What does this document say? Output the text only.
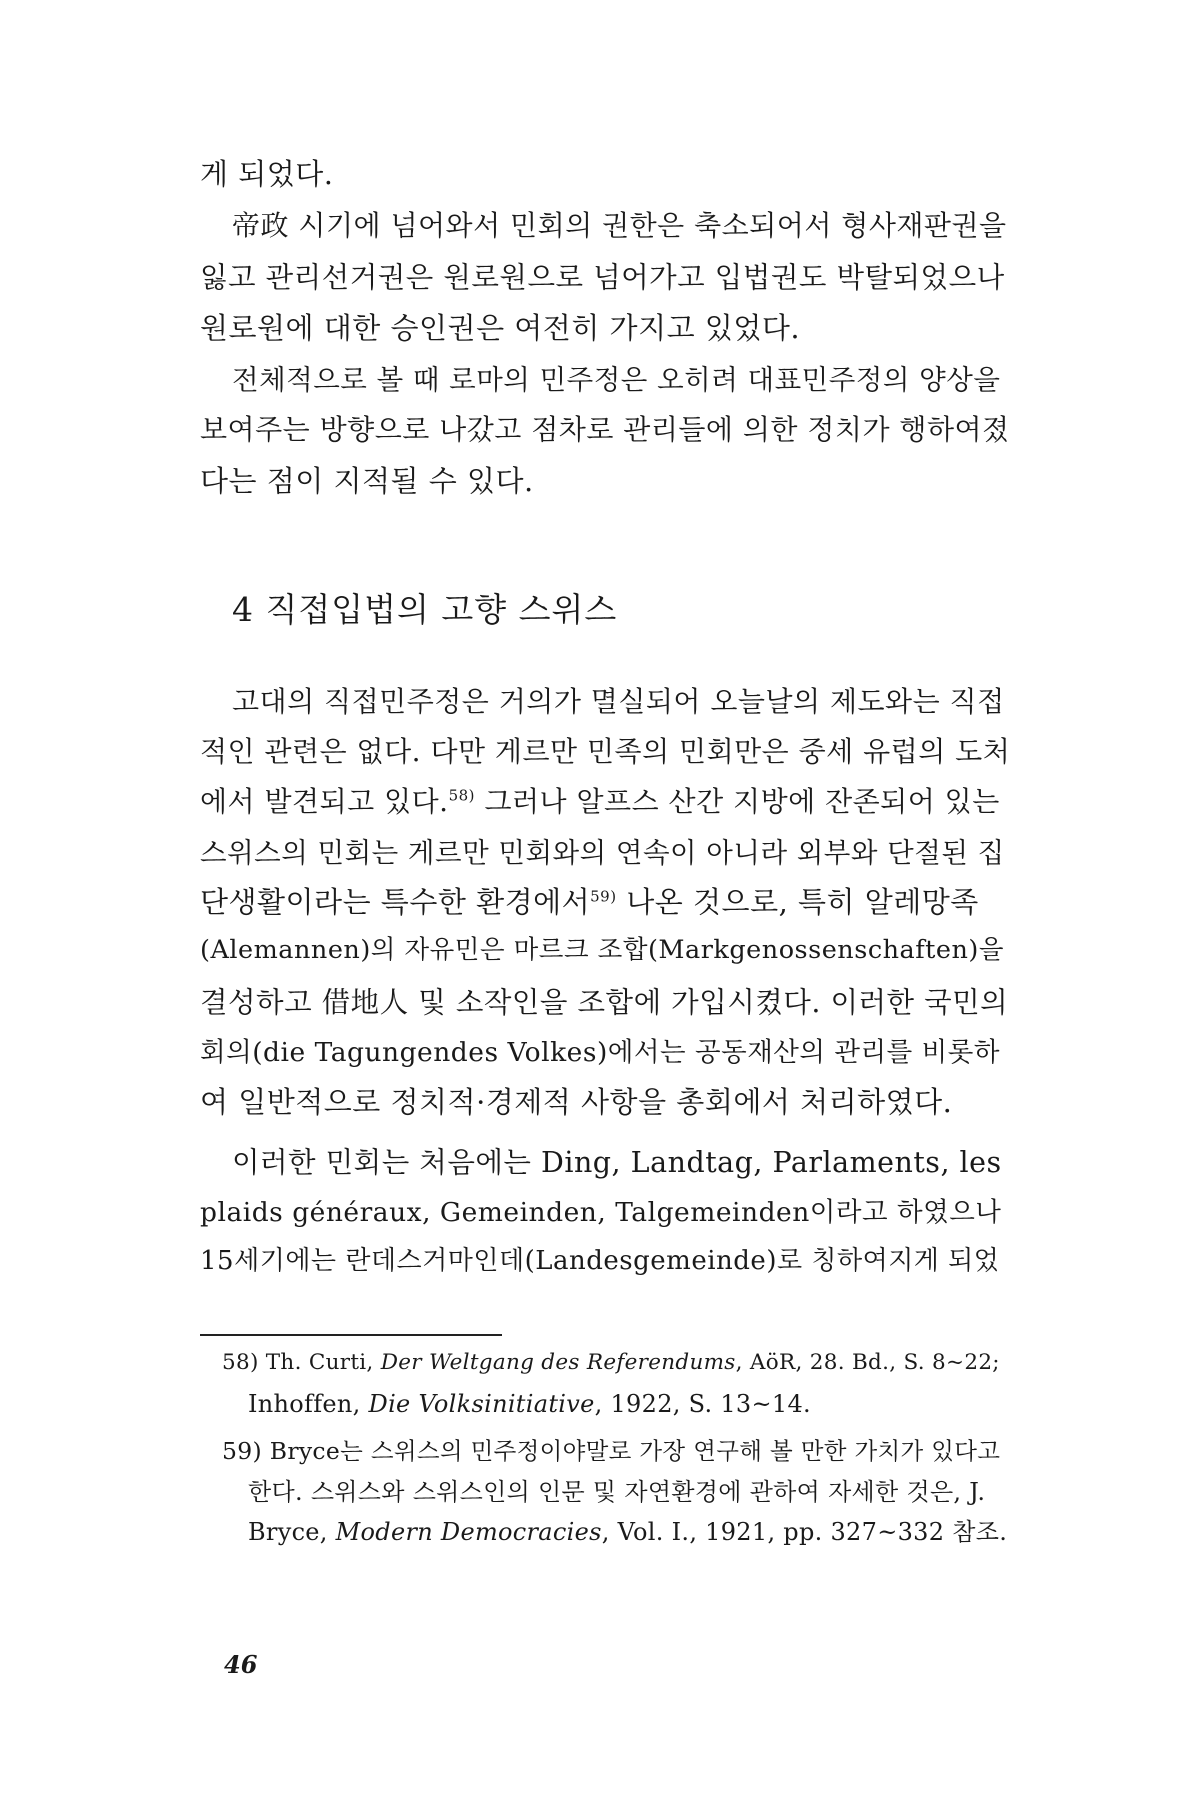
게 되었다.
帝政 시기에 넘어와서 민회의 권한은 축소되어서 형사재판권을
잃고 관리선거권은 원로원으로 넘어가고 입법권도 박탈되었으나
원로원에 대한 승인권은 여전히 가지고 있었다.
전체적으로 볼 때 로마의 민주정은 오히려 대표민주정의 양상을
보여주는 방향으로 나갔고 점차로 관리들에 의한 정치가 행하여졌
다는 점이 지적될 수 있다.
4 직접입법의 고향 스위스
고대의 직접민주정은 거의가 멸실되어 오늘날의 제도와는 직접
적인 관련은 없다. 다만 게르만 민족의 민회만은 중세 유럽의 도처
에서 발견되고 있다.$^{58)}$ 그러나 알프스 산간 지방에 잔존되어 있는
스위스의 민회는 게르만 민회와의 연속이 아니라 외부와 단절된 집
단생활이라는 특수한 환경에서$^{59)}$ 나온 것으로, 특히 알레망족
(Alemannen)의 자유민은 마르크 조합(Markgenossenschaften)을
결성하고 借地人 및 소작인을 조합에 가입시켰다. 이러한 국민의
회의(die Tagungendes Volkes)에서는 공동재산의 관리를 비롯하
여 일반적으로 정치적·경제적 사항을 총회에서 처리하였다.
이러한 민회는 처음에는 Ding, Landtag, Parlaments, les
plaids généraux, Gemeinden, Talgemeinden이라고 하였으나
15세기에는 란데스거마인데(Landesgemeinde)로 칭하여지게 되었
58) Th. Curti, Der Weltgang des Referendums, AöR, 28. Bd., S. 8~22;
Inhoffen, Die Volksinitiative, 1922, S. 13~14.
59) Bryce는 스위스의 민주정이야말로 가장 연구해 볼 만한 가치가 있다고
한다. 스위스와 스위스인의 인문 및 자연환경에 관하여 자세한 것은, J.
Bryce, Modern Democracies, Vol. I., 1921, pp. 327~332 참조.
46
